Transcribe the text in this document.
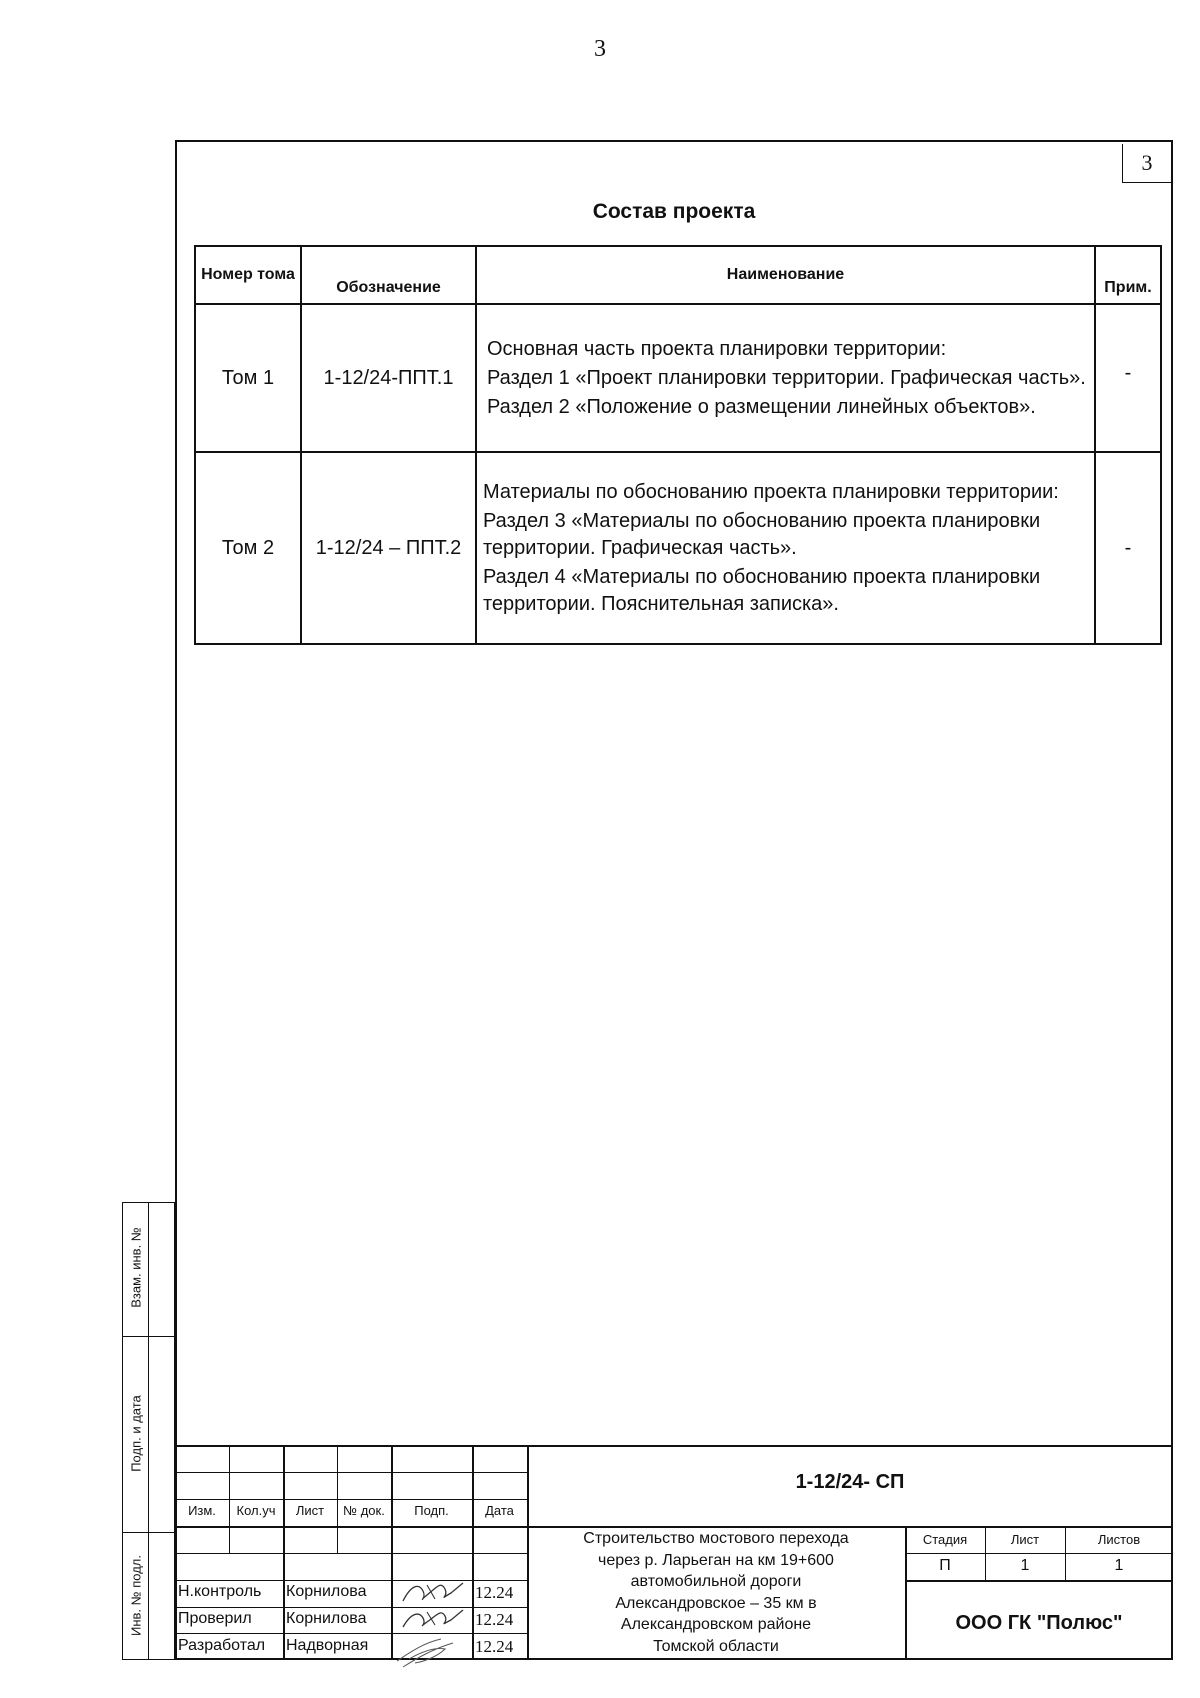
3
3
Состав проекта
Номер тома	Обозначение	Наименование	Прим.
Том 1	1-12/24-ППТ.1	Основная часть проекта планировки территории:

Раздел 1 «Проект планировки территории. Графическая часть».

Раздел 2 «Положение о размещении линейных объектов».	-
Том 2	1-12/24 – ППТ.2	Материалы по обоснованию проекта планировки территории:

Раздел 3 «Материалы по обоснованию проекта планировки территории. Графическая часть».

Раздел 4 «Материалы по обоснованию проекта планировки территории. Пояснительная записка».	-
Взам. инв. №
Подп. и дата
Инв. № подл.
Изм.	Кол.уч	Лист	№ док.	Подп.	Дата
Н.контроль Корнилова	12.24
Проверил Корнилова	12.24
Разработал Надворная	12.24
1-12/24- СП
Строительство мостового перехода
через р. Ларьеган на км 19+600
автомобильной дороги
Александровское – 35 км в
Александровском районе
Томской области
Стадия	Лист	Листов
П	1	1
ООО ГК "Полюс"
